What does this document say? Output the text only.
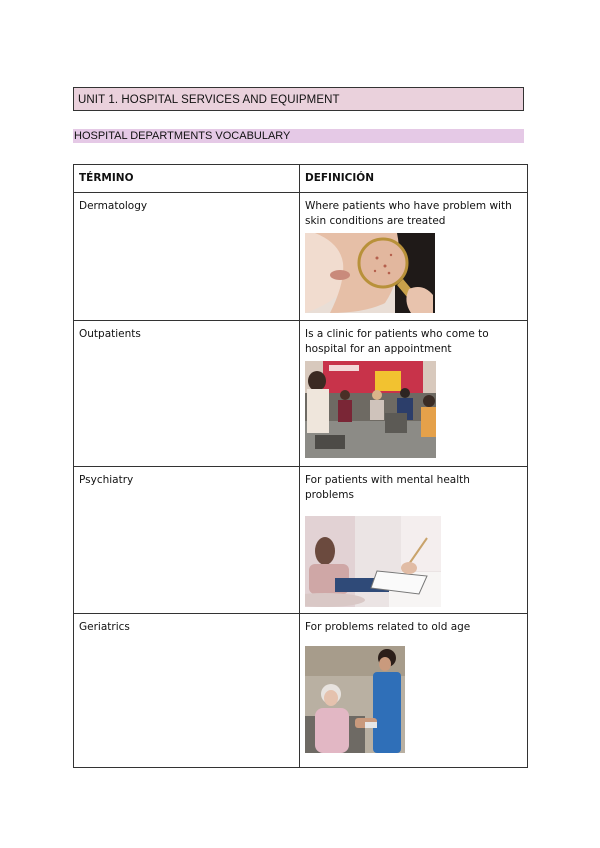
UNIT 1. HOSPITAL SERVICES AND EQUIPMENT
HOSPITAL DEPARTMENTS VOCABULARY
TÉRMINO	DEFINICIÓN
Dermatology	Where patients who have problem with skin conditions are treated

Outpatients	Is a clinic for patients who come to hospital for an appointment

Psychiatry	For patients with mental health problems

Geriatrics	For problems related to old age
